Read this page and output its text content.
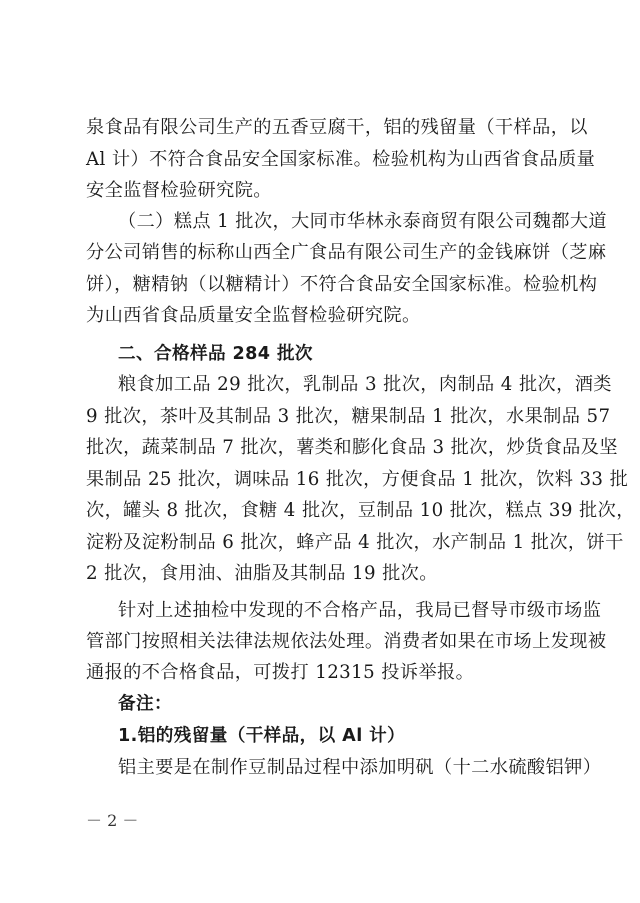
泉食品有限公司生产的五香豆腐干，铝的残留量（干样品，以
Al 计）不符合食品安全国家标准。检验机构为山西省食品质量
安全监督检验研究院。
（二）糕点 1 批次，大同市华林永泰商贸有限公司魏都大道
分公司销售的标称山西全广食品有限公司生产的金钱麻饼（芝麻
饼），糖精钠（以糖精计）不符合食品安全国家标准。检验机构
为山西省食品质量安全监督检验研究院。
二、合格样品 284 批次
粮食加工品 29 批次，乳制品 3 批次，肉制品 4 批次，酒类
9 批次，茶叶及其制品 3 批次，糖果制品 1 批次，水果制品 57
批次，蔬菜制品 7 批次，薯类和膨化食品 3 批次，炒货食品及坚
果制品 25 批次，调味品 16 批次，方便食品 1 批次，饮料 33 批
次，罐头 8 批次，食糖 4 批次，豆制品 10 批次，糕点 39 批次，
淀粉及淀粉制品 6 批次，蜂产品 4 批次，水产制品 1 批次，饼干
2 批次，食用油、油脂及其制品 19 批次。
针对上述抽检中发现的不合格产品，我局已督导市级市场监
管部门按照相关法律法规依法处理。消费者如果在市场上发现被
通报的不合格食品，可拨打 12315 投诉举报。
备注：
1.铝的残留量（干样品，以 Al 计）
铝主要是在制作豆制品过程中添加明矾（十二水硫酸铝钾）
－ 2 －
